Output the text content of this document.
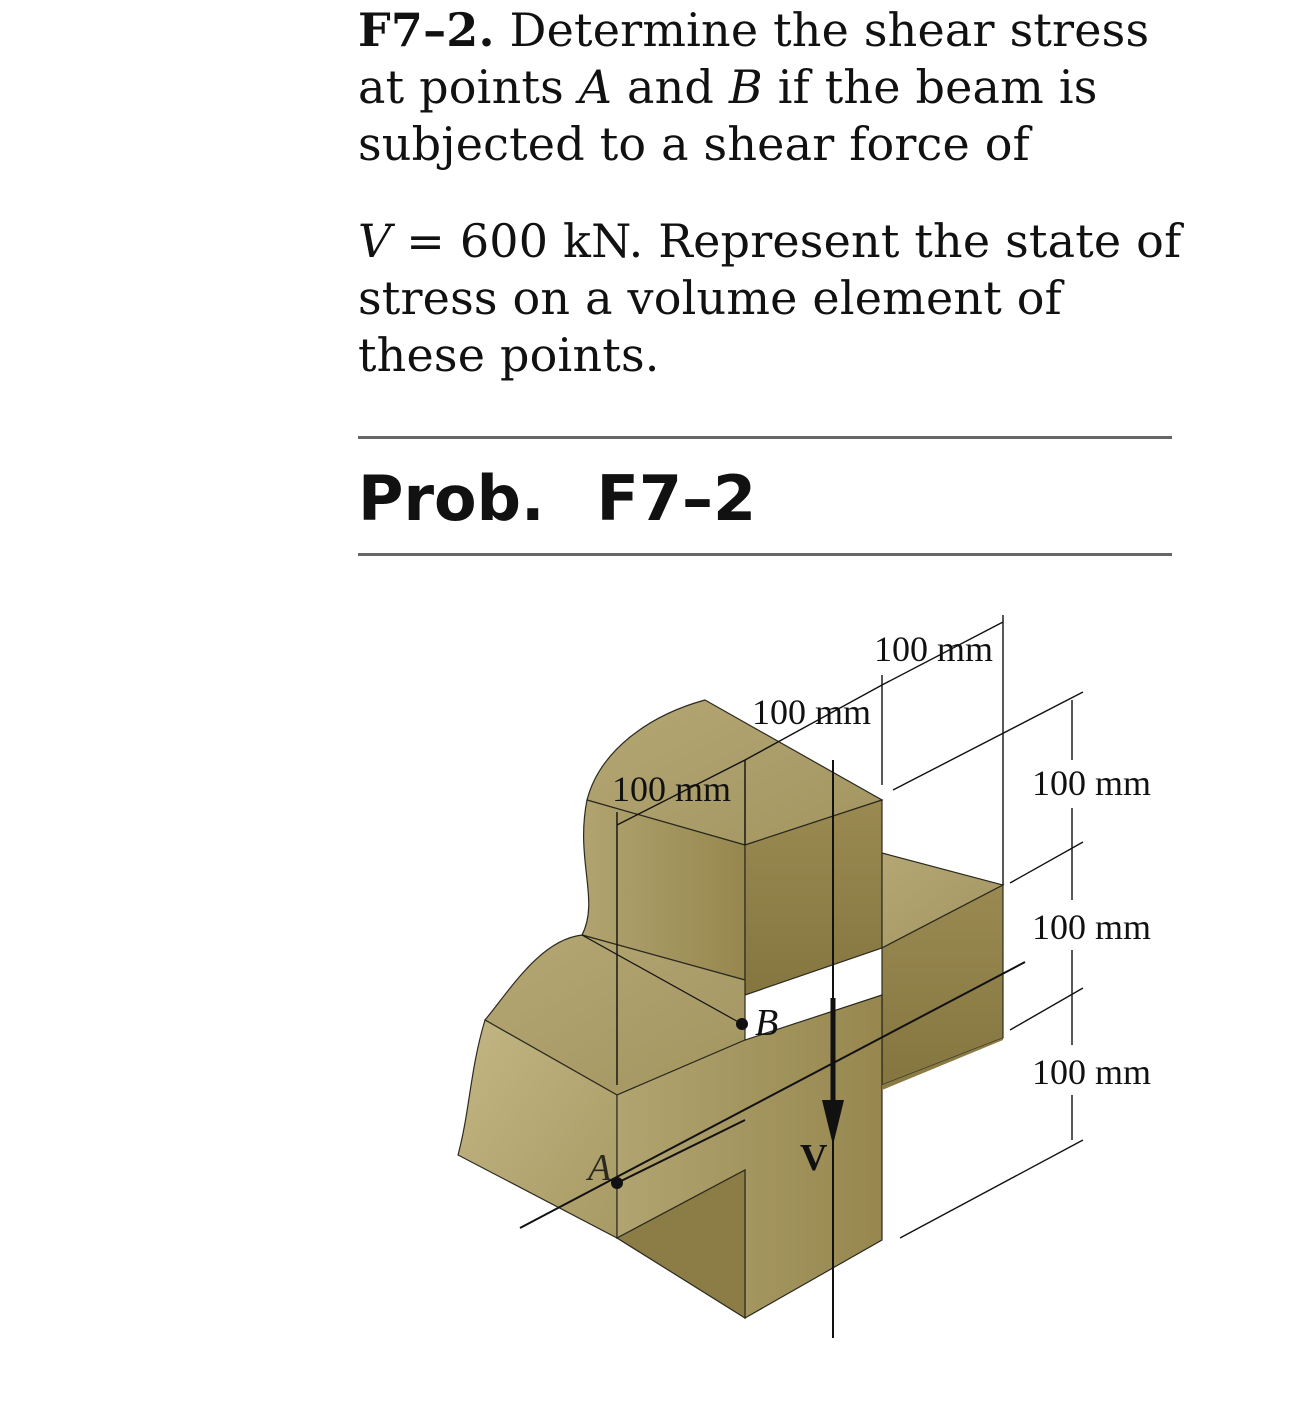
F7–2. Determine the shear stress at points A and B if the beam is subjected to a shear force of

V = 600 kN. Represent the state of stress on a volume element of these points.

Prob. F7–2
100 mm
100 mm
100 mm	100 mm
100 mm
100 mm
B
A	V
